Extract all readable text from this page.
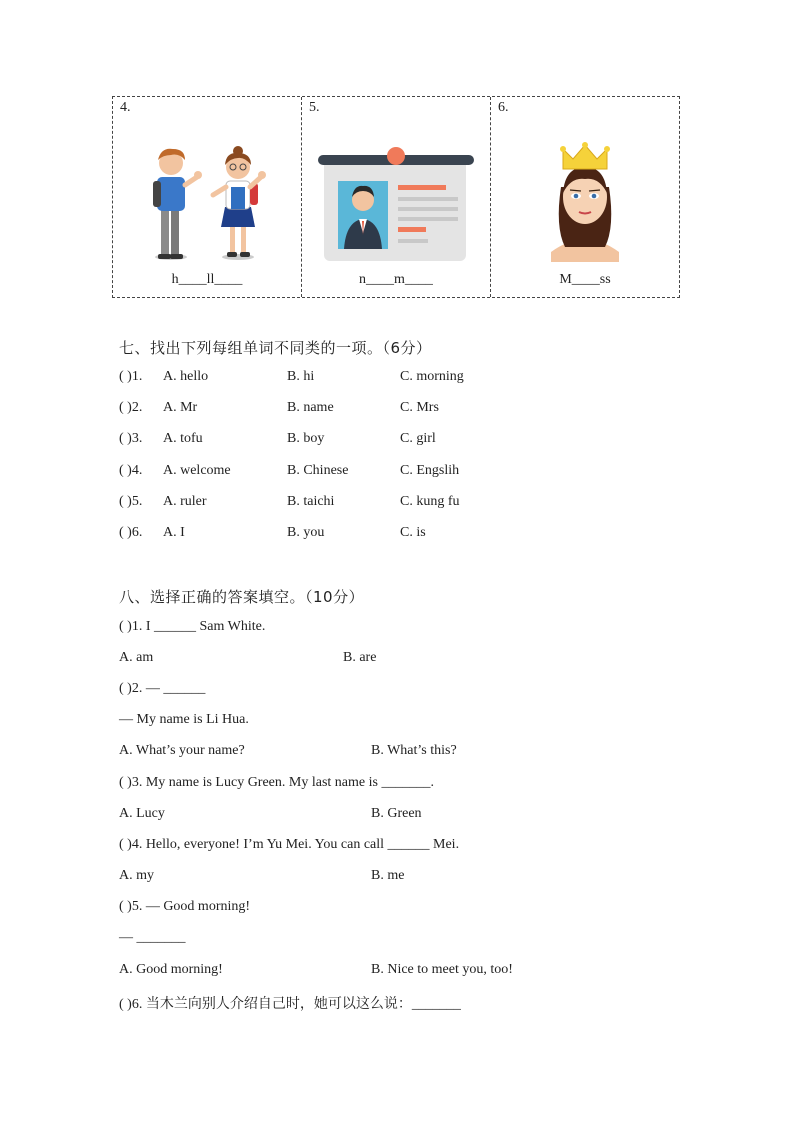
4.
h____ll____
5.
n____m____
6.
M____ss
七、找出下列每组单词不同类的一项。（6分）
( )1. A. hello	B. hi	C. morning
( )2. A. Mr	B. name	C. Mrs
( )3. A. tofu	B. boy	C. girl
( )4. A. welcome	B. Chinese	C. Engslih
( )5. A. ruler	B. taichi	C. kung fu
( )6. A. I	B. you	C. is
八、选择正确的答案填空。（10分）
( )1. I ______ Sam White.
A. am	B. are
( )2. — ______
— My name is Li Hua.
A. What’s your name?	B. What’s this?
( )3. My name is Lucy Green. My last name is _______.
A. Lucy	B. Green
( )4. Hello, everyone! I’m Yu Mei. You can call ______ Mei.
A. my	B. me
( )5. — Good morning!
— _______
A. Good morning!	B. Nice to meet you, too!
( )6. 当木兰向别人介绍自己时，她可以这么说：_______
